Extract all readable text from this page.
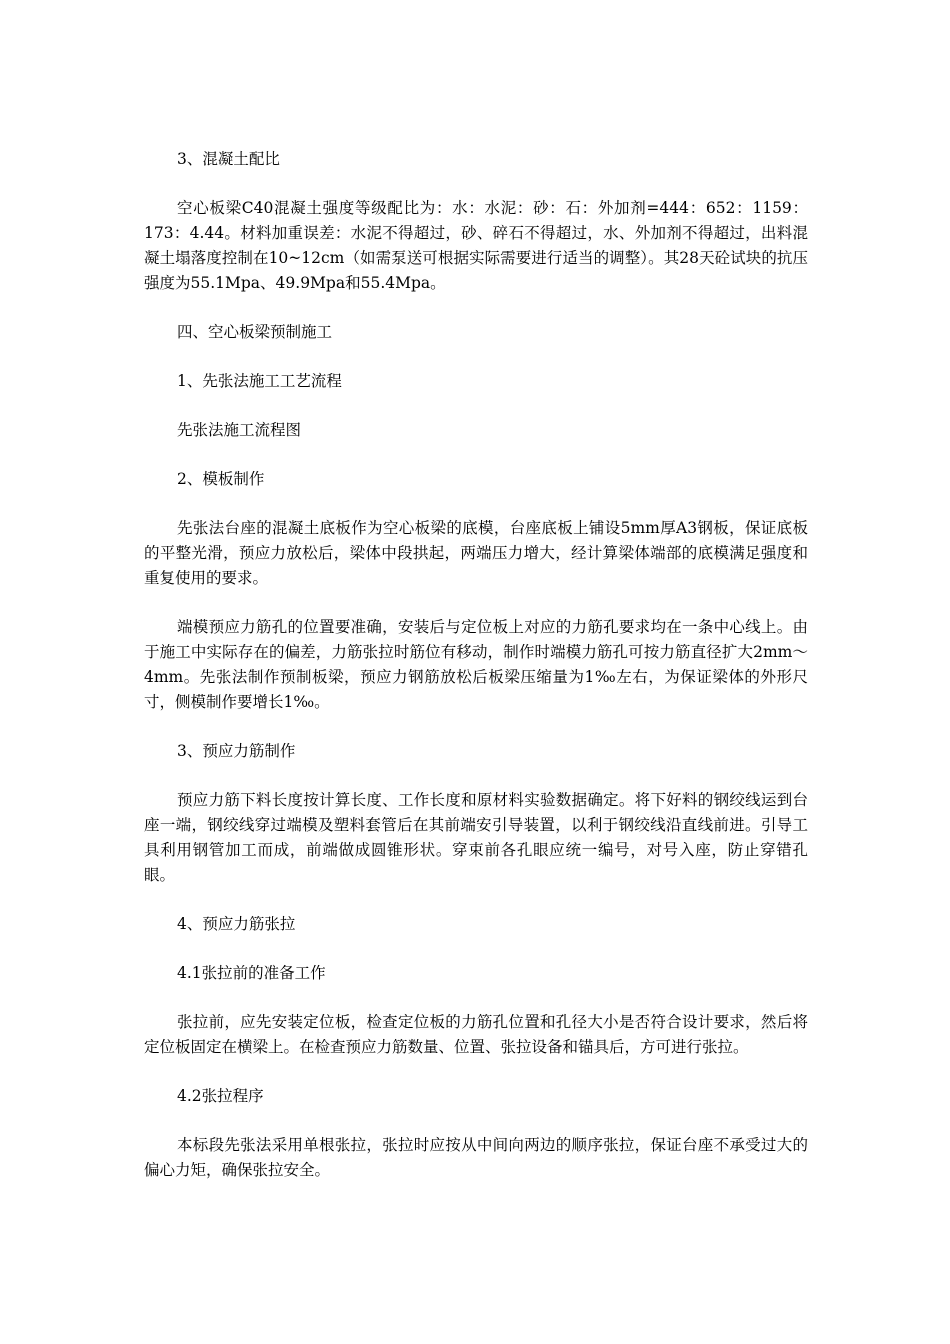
3、混凝土配比

空心板梁C40混凝土强度等级配比为：水：水泥：砂：石：外加剂=444：652：1159：173：4.44。材料加重误差：水泥不得超过，砂、碎石不得超过，水、外加剂不得超过，出料混凝土塌落度控制在10~12cm（如需泵送可根据实际需要进行适当的调整）。其28天砼试块的抗压强度为55.1Mpa、49.9Mpa和55.4Mpa。

四、空心板梁预制施工

1、先张法施工工艺流程

先张法施工流程图

2、模板制作

先张法台座的混凝土底板作为空心板梁的底模，台座底板上铺设5mm厚A3钢板，保证底板的平整光滑，预应力放松后，梁体中段拱起，两端压力增大，经计算梁体端部的底模满足强度和重复使用的要求。

端模预应力筋孔的位置要准确，安装后与定位板上对应的力筋孔要求均在一条中心线上。由于施工中实际存在的偏差，力筋张拉时筋位有移动，制作时端模力筋孔可按力筋直径扩大2mm～4mm。先张法制作预制板梁，预应力钢筋放松后板梁压缩量为1‰左右，为保证梁体的外形尺寸，侧模制作要增长1‰。

3、预应力筋制作

预应力筋下料长度按计算长度、工作长度和原材料实验数据确定。将下好料的钢绞线运到台座一端，钢绞线穿过端模及塑料套管后在其前端安引导装置，以利于钢绞线沿直线前进。引导工具利用钢管加工而成，前端做成圆锥形状。穿束前各孔眼应统一编号，对号入座，防止穿错孔眼。

4、预应力筋张拉

4.1张拉前的准备工作

张拉前，应先安装定位板，检查定位板的力筋孔位置和孔径大小是否符合设计要求，然后将定位板固定在横梁上。在检查预应力筋数量、位置、张拉设备和锚具后，方可进行张拉。

4.2张拉程序

本标段先张法采用单根张拉，张拉时应按从中间向两边的顺序张拉，保证台座不承受过大的偏心力矩，确保张拉安全。
